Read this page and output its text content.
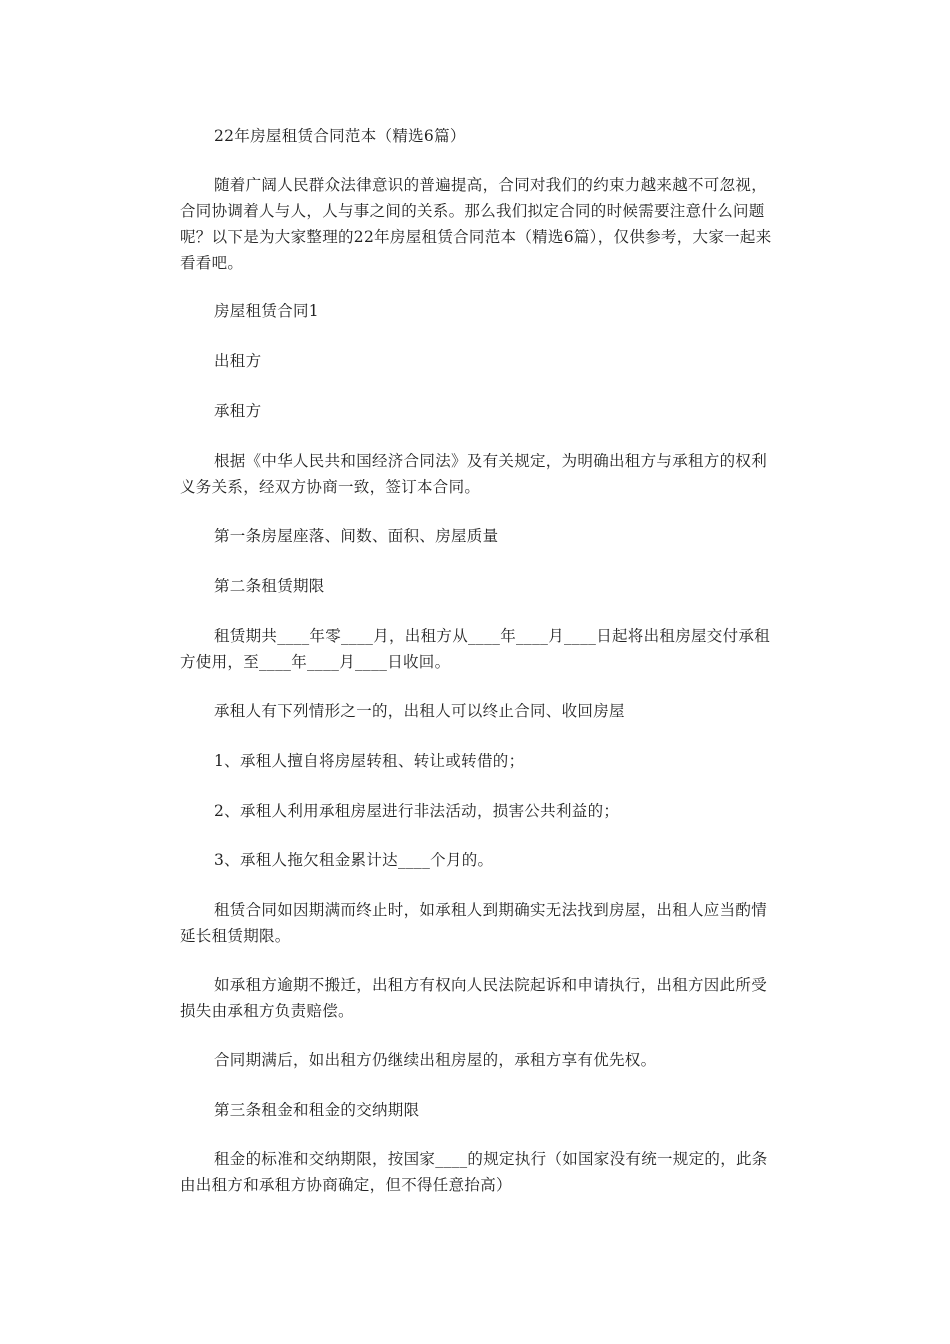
22年房屋租赁合同范本（精选6篇）

随着广阔人民群众法律意识的普遍提高，合同对我们的约束力越来越不可忽视，合同协调着人与人，人与事之间的关系。那么我们拟定合同的时候需要注意什么问题呢？以下是为大家整理的22年房屋租赁合同范本（精选6篇），仅供参考，大家一起来看看吧。

房屋租赁合同1

出租方

承租方

根据《中华人民共和国经济合同法》及有关规定，为明确出租方与承租方的权利义务关系，经双方协商一致，签订本合同。

第一条房屋座落、间数、面积、房屋质量

第二条租赁期限

租赁期共____年零____月，出租方从____年____月____日起将出租房屋交付承租方使用，至____年____月____日收回。

承租人有下列情形之一的，出租人可以终止合同、收回房屋

1、承租人擅自将房屋转租、转让或转借的；

2、承租人利用承租房屋进行非法活动，损害公共利益的；

3、承租人拖欠租金累计达____个月的。

租赁合同如因期满而终止时，如承租人到期确实无法找到房屋，出租人应当酌情延长租赁期限。

如承租方逾期不搬迁，出租方有权向人民法院起诉和申请执行，出租方因此所受损失由承租方负责赔偿。

合同期满后，如出租方仍继续出租房屋的，承租方享有优先权。

第三条租金和租金的交纳期限

租金的标准和交纳期限，按国家____的规定执行（如国家没有统一规定的，此条由出租方和承租方协商确定，但不得任意抬高）
